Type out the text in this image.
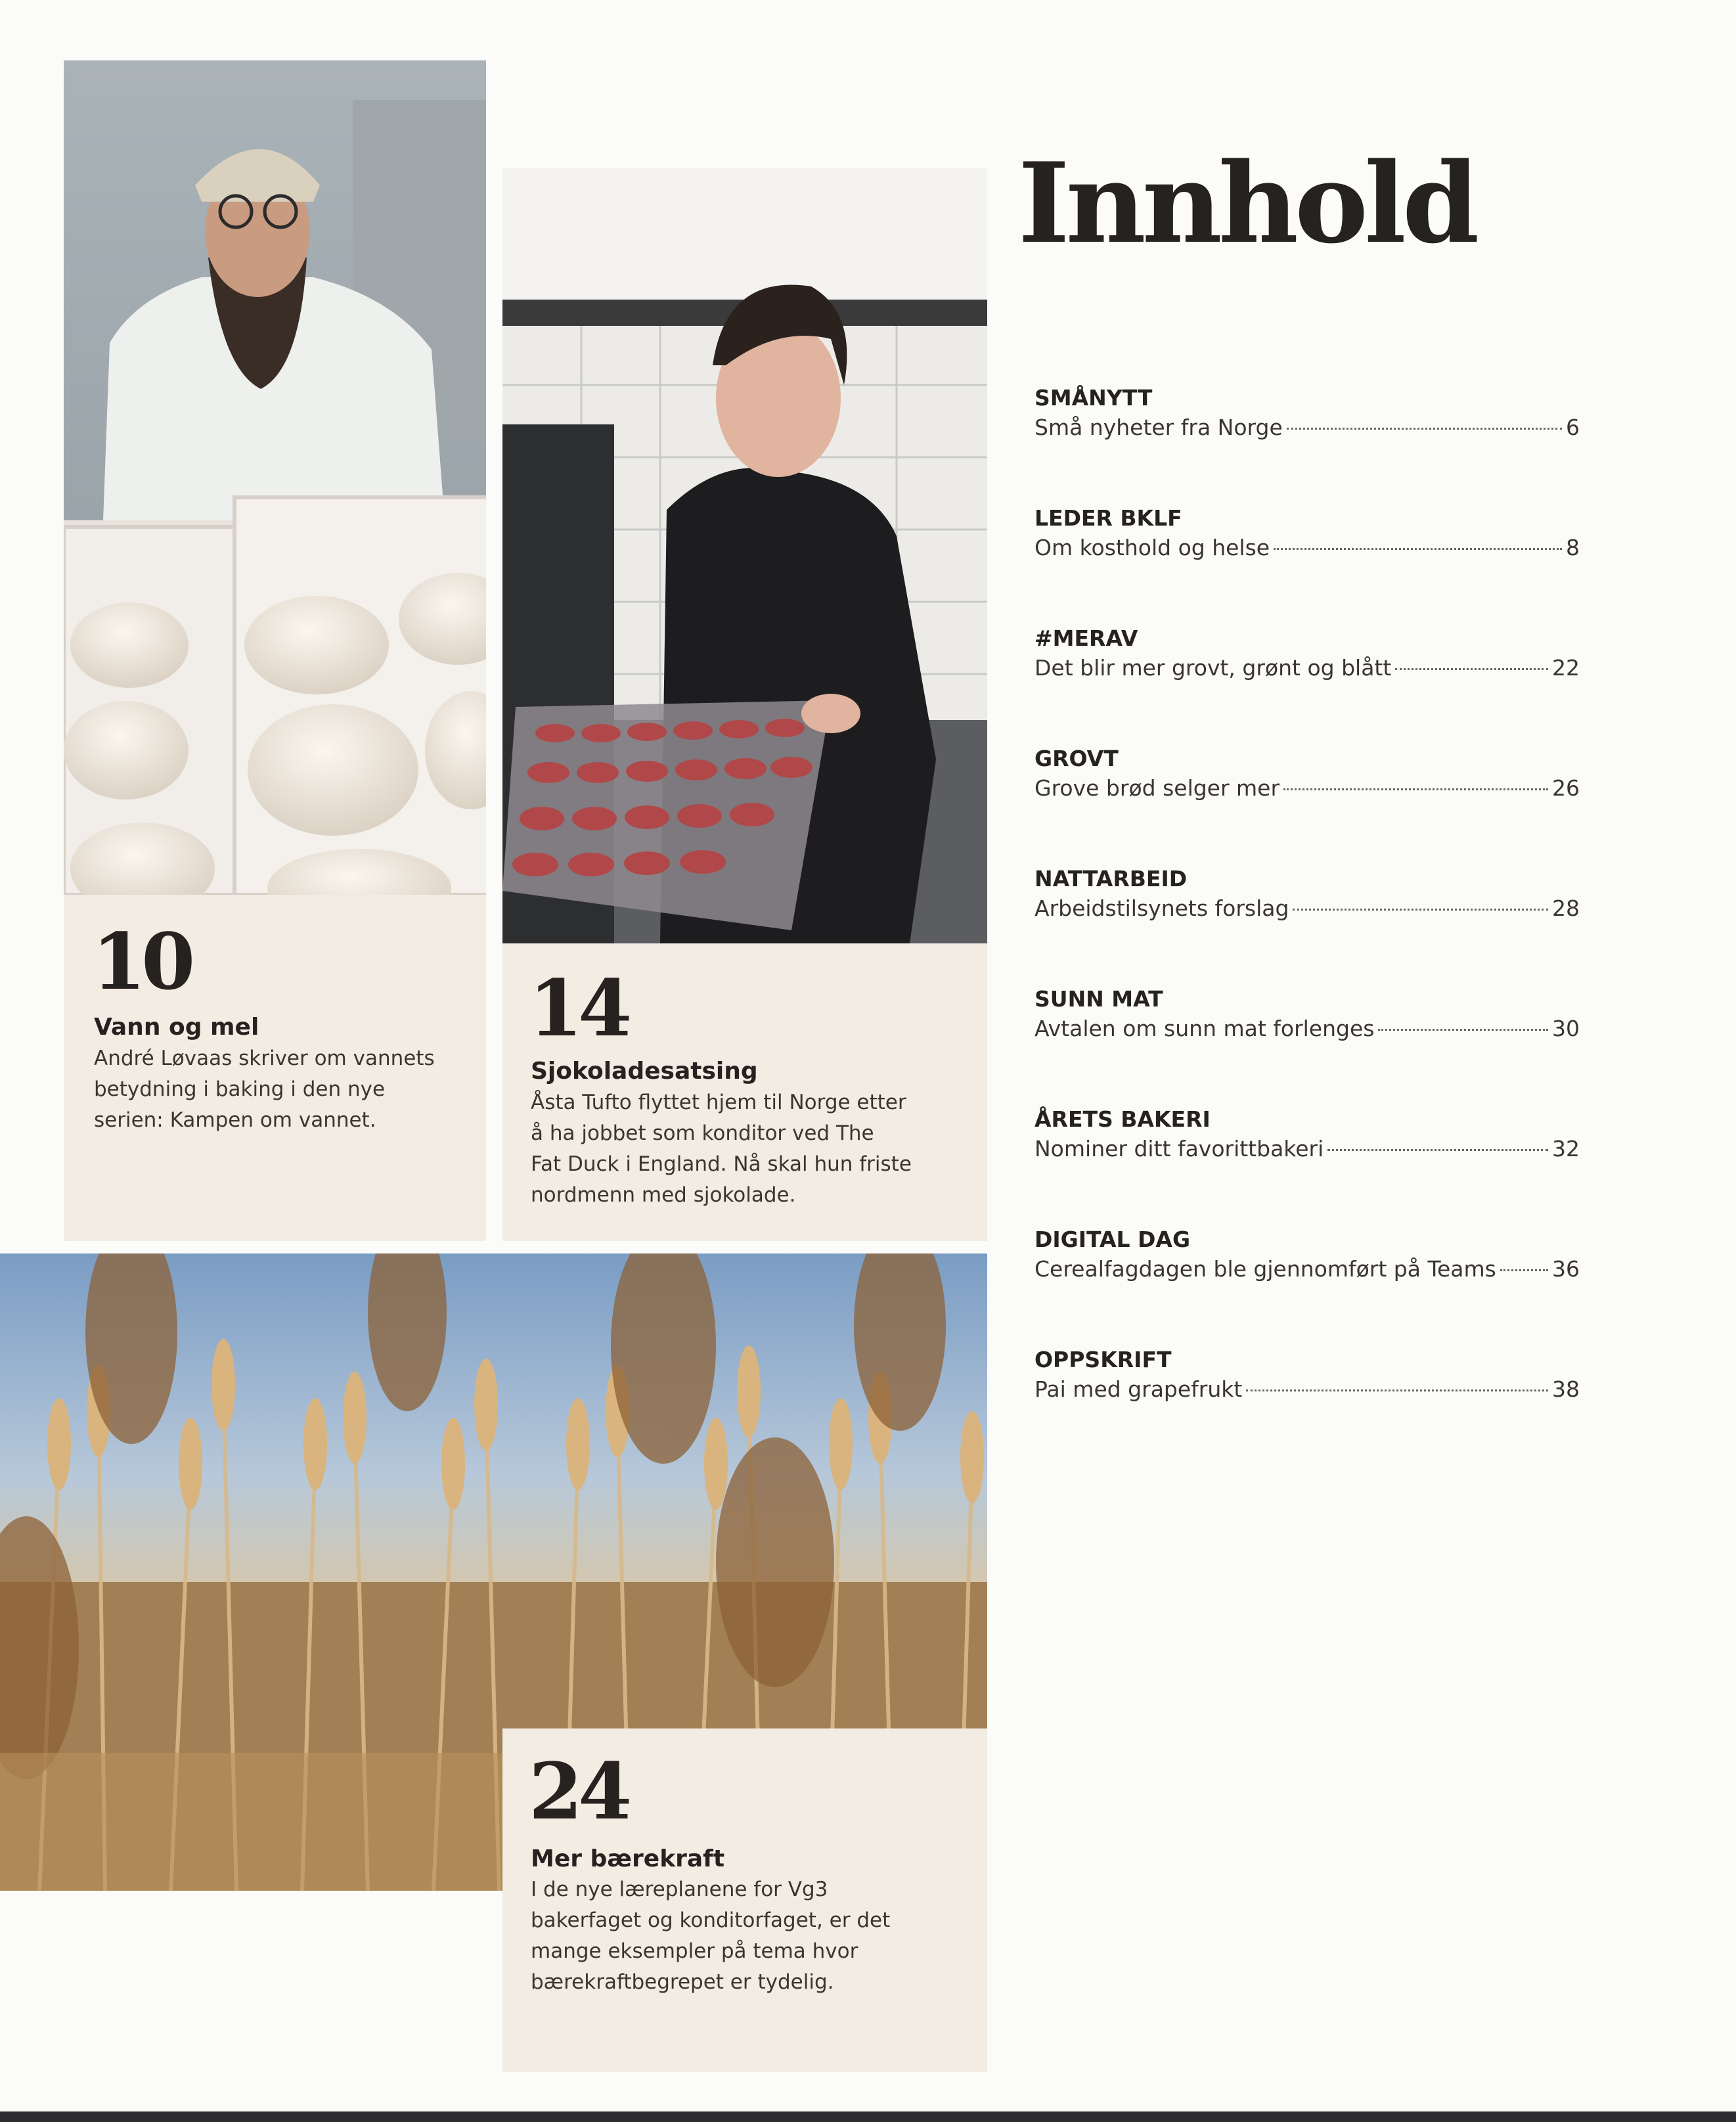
10
Vann og mel
André Løvaas skriver om vannets
betydning i baking i den nye
serien: Kampen om vannet.
14
Sjokoladesatsing
Åsta Tufto flyttet hjem til Norge etter
å ha jobbet som konditor ved The
Fat Duck i England. Nå skal hun friste
nordmenn med sjokolade.
24
Mer bærekraft
I de nye læreplanene for Vg3
bakerfaget og konditorfaget, er det
mange eksempler på tema hvor
bærekraftbegrepet er tydelig.
Innhold
SMÅNYTT
Små nyheter fra Norge	6
LEDER BKLF
Om kosthold og helse	8
#MERAV
Det blir mer grovt, grønt og blått	22
GROVT
Grove brød selger mer	26
NATTARBEID
Arbeidstilsynets forslag	28
SUNN MAT
Avtalen om sunn mat forlenges	30
ÅRETS BAKERI
Nominer ditt favorittbakeri	32
DIGITAL DAG
Cerealfagdagen ble gjennomført på Teams	36
OPPSKRIFT
Pai med grapefrukt	38
